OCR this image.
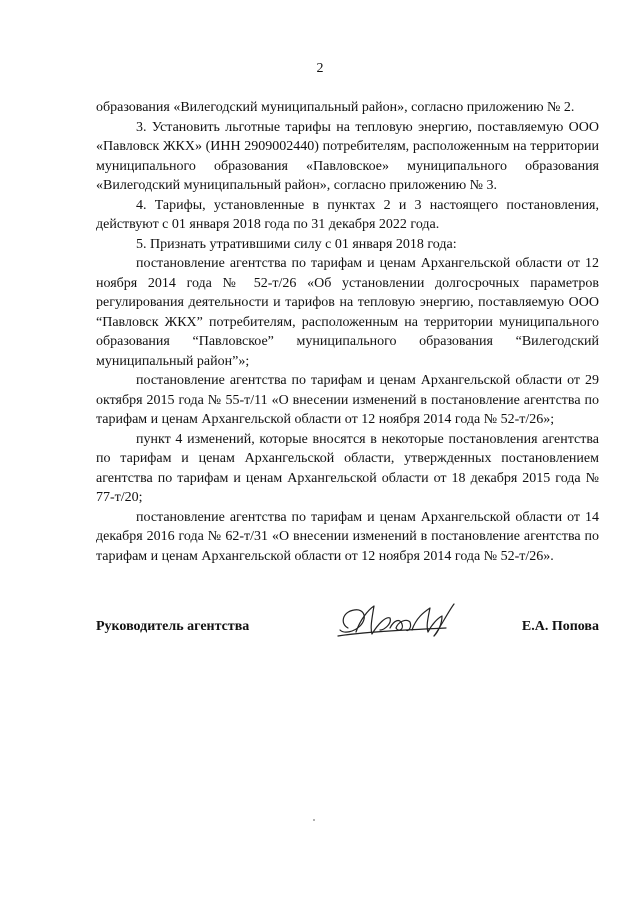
2

образования «Вилегодский муниципальный район», согласно приложению № 2.

3. Установить льготные тарифы на тепловую энергию, поставляемую ООО «Павловск ЖКХ» (ИНН 2909002440) потребителям, расположенным на территории муниципального образования «Павловское» муниципального образования «Вилегодский муниципальный район», согласно приложению № 3.

4. Тарифы, установленные в пунктах 2 и 3 настоящего постановления, действуют с 01 января 2018 года по 31 декабря 2022 года.

5. Признать утратившими силу с 01 января 2018 года:

постановление агентства по тарифам и ценам Архангельской области от 12 ноября 2014 года № 52-т/26 «Об установлении долгосрочных параметров регулирования деятельности и тарифов на тепловую энергию, поставляемую ООО “Павловск ЖКХ” потребителям, расположенным на территории муниципального образования “Павловское” муниципального образования “Вилегодский муниципальный район”»;

постановление агентства по тарифам и ценам Архангельской области от 29 октября 2015 года № 55-т/11 «О внесении изменений в постановление агентства по тарифам и ценам Архангельской области от 12 ноября 2014 года № 52-т/26»;

пункт 4 изменений, которые вносятся в некоторые постановления агентства по тарифам и ценам Архангельской области, утвержденных постановлением агентства по тарифам и ценам Архангельской области от 18 декабря 2015 года № 77-т/20;

постановление агентства по тарифам и ценам Архангельской области от 14 декабря 2016 года № 62-т/31 «О внесении изменений в постановление агентства по тарифам и ценам Архангельской области от 12 ноября 2014 года № 52-т/26».

Руководитель агентства	Е.А. Попова
